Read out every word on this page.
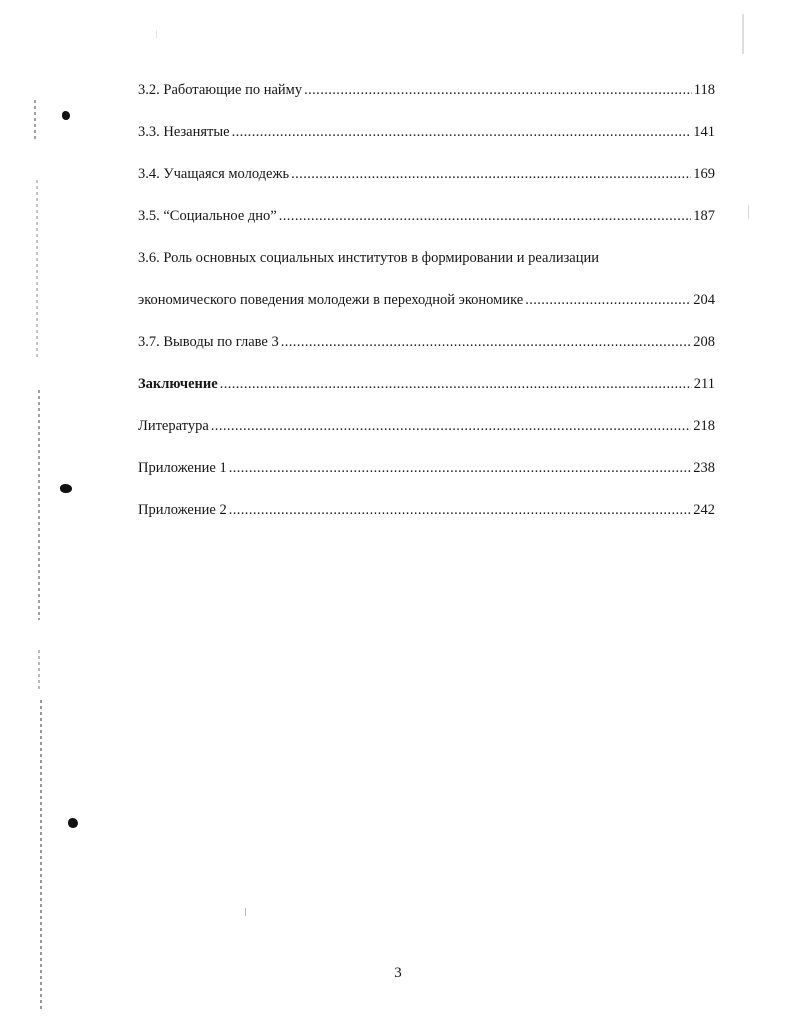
3.2. Работающие по найму .....	118
3.3. Незанятые .....	141
3.4. Учащаяся молодежь .....	169
3.5. “Социальное дно” .....	187
3.6. Роль основных социальных институтов в формировании и реализации
экономического поведения молодежи в переходной экономике .....	204
3.7. Выводы по главе 3 .....	208
Заключение .....	211
Литература .....	218
Приложение 1 .....	238
Приложение 2 .....	242
3
